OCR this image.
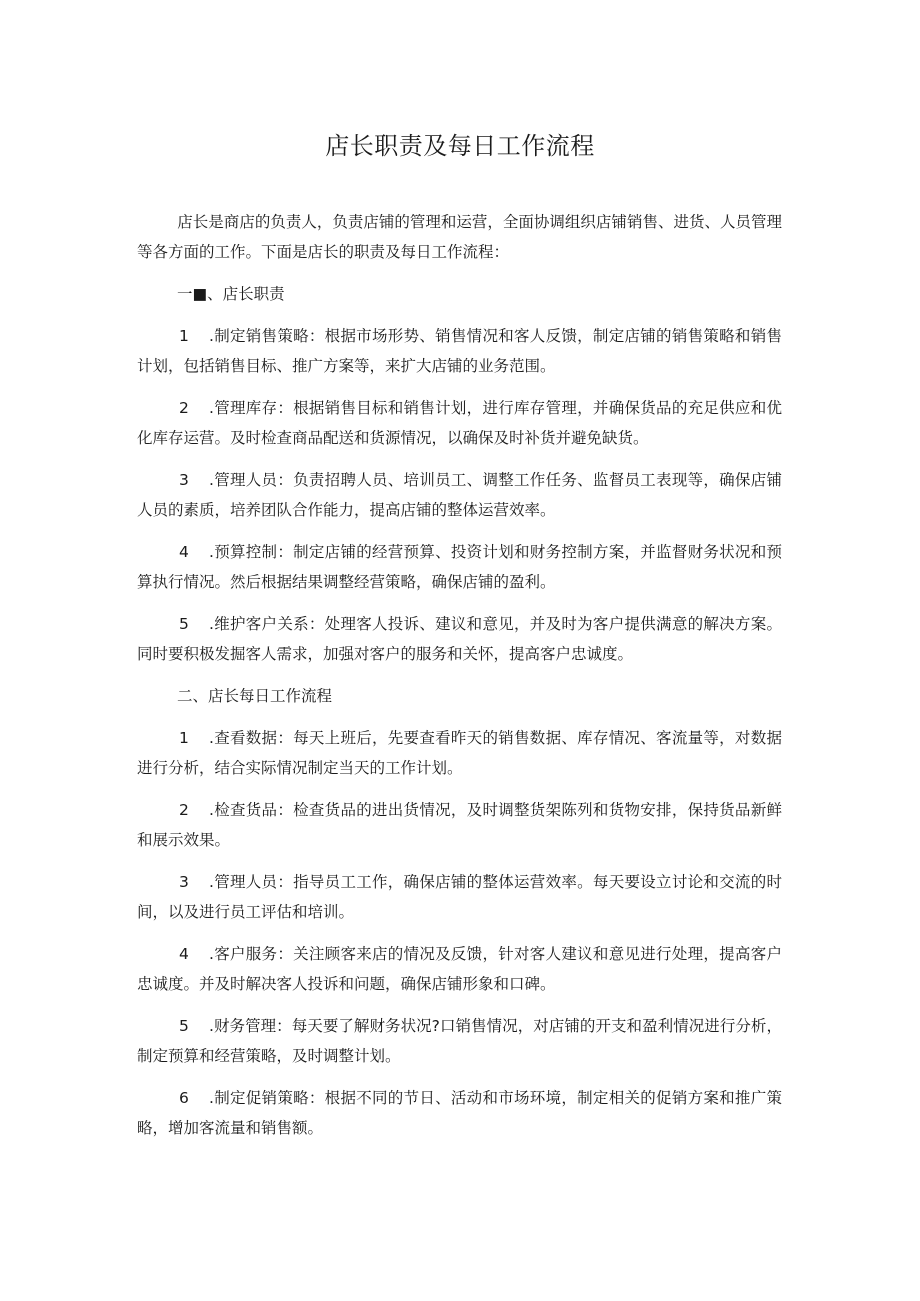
店长职责及每日工作流程

店长是商店的负责人，负责店铺的管理和运营，全面协调组织店铺销售、进货、人员管理等各方面的工作。下面是店长的职责及每日工作流程：

一■、店长职责

1 .制定销售策略：根据市场形势、销售情况和客人反馈，制定店铺的销售策略和销售计划，包括销售目标、推广方案等，来扩大店铺的业务范围。

2 .管理库存：根据销售目标和销售计划，进行库存管理，并确保货品的充足供应和优化库存运营。及时检查商品配送和货源情况，以确保及时补货并避免缺货。

3 .管理人员：负责招聘人员、培训员工、调整工作任务、监督员工表现等，确保店铺人员的素质，培养团队合作能力，提高店铺的整体运营效率。

4 .预算控制：制定店铺的经营预算、投资计划和财务控制方案，并监督财务状况和预算执行情况。然后根据结果调整经营策略，确保店铺的盈利。

5 .维护客户关系：处理客人投诉、建议和意见，并及时为客户提供满意的解决方案。同时要积极发掘客人需求，加强对客户的服务和关怀，提高客户忠诚度。

二、店长每日工作流程

1 .查看数据：每天上班后，先要查看昨天的销售数据、库存情况、客流量等，对数据进行分析，结合实际情况制定当天的工作计划。

2 .检查货品：检查货品的进出货情况，及时调整货架陈列和货物安排，保持货品新鲜和展示效果。

3 .管理人员：指导员工工作，确保店铺的整体运营效率。每天要设立讨论和交流的时间，以及进行员工评估和培训。

4 .客户服务：关注顾客来店的情况及反馈，针对客人建议和意见进行处理，提高客户忠诚度。并及时解决客人投诉和问题，确保店铺形象和口碑。

5 .财务管理：每天要了解财务状况?口销售情况，对店铺的开支和盈利情况进行分析，制定预算和经营策略，及时调整计划。

6 .制定促销策略：根据不同的节日、活动和市场环境，制定相关的促销方案和推广策略，增加客流量和销售额。
